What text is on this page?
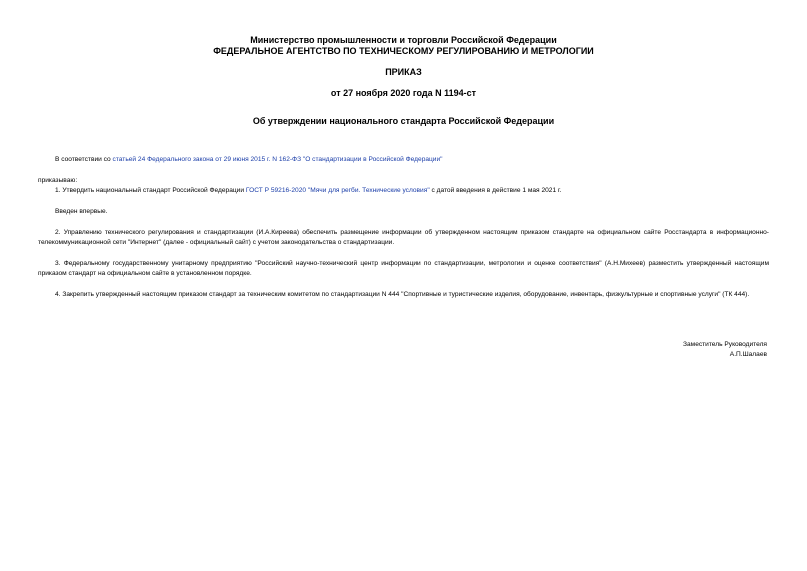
Министерство промышленности и торговли Российской Федерации
ФЕДЕРАЛЬНОЕ АГЕНТСТВО ПО ТЕХНИЧЕСКОМУ РЕГУЛИРОВАНИЮ И МЕТРОЛОГИИ
ПРИКАЗ
от 27 ноября 2020 года N 1194-ст
Об утверждении национального стандарта Российской Федерации
В соответствии со статьей 24 Федерального закона от 29 июня 2015 г. N 162-ФЗ "О стандартизации в Российской Федерации"
приказываю:
1. Утвердить национальный стандарт Российской Федерации ГОСТ Р 59216-2020 "Мячи для регби. Технические условия" с датой введения в действие 1 мая 2021 г.
Введен впервые.
2. Управлению технического регулирования и стандартизации (И.А.Киреева) обеспечить размещение информации об утвержденном настоящим приказом стандарте на официальном сайте Росстандарта в информационно-телекоммуникационной сети "Интернет" (далее - официальный сайт) с учетом законодательства о стандартизации.
3. Федеральному государственному унитарному предприятию "Российский научно-технический центр информации по стандартизации, метрологии и оценке соответствия" (А.Н.Михеев) разместить утвержденный настоящим приказом стандарт на официальном сайте в установленном порядке.
4. Закрепить утвержденный настоящим приказом стандарт за техническим комитетом по стандартизации N 444 "Спортивные и туристические изделия, оборудование, инвентарь, физкультурные и спортивные услуги" (ТК 444).
Заместитель Руководителя
А.П.Шалаев
